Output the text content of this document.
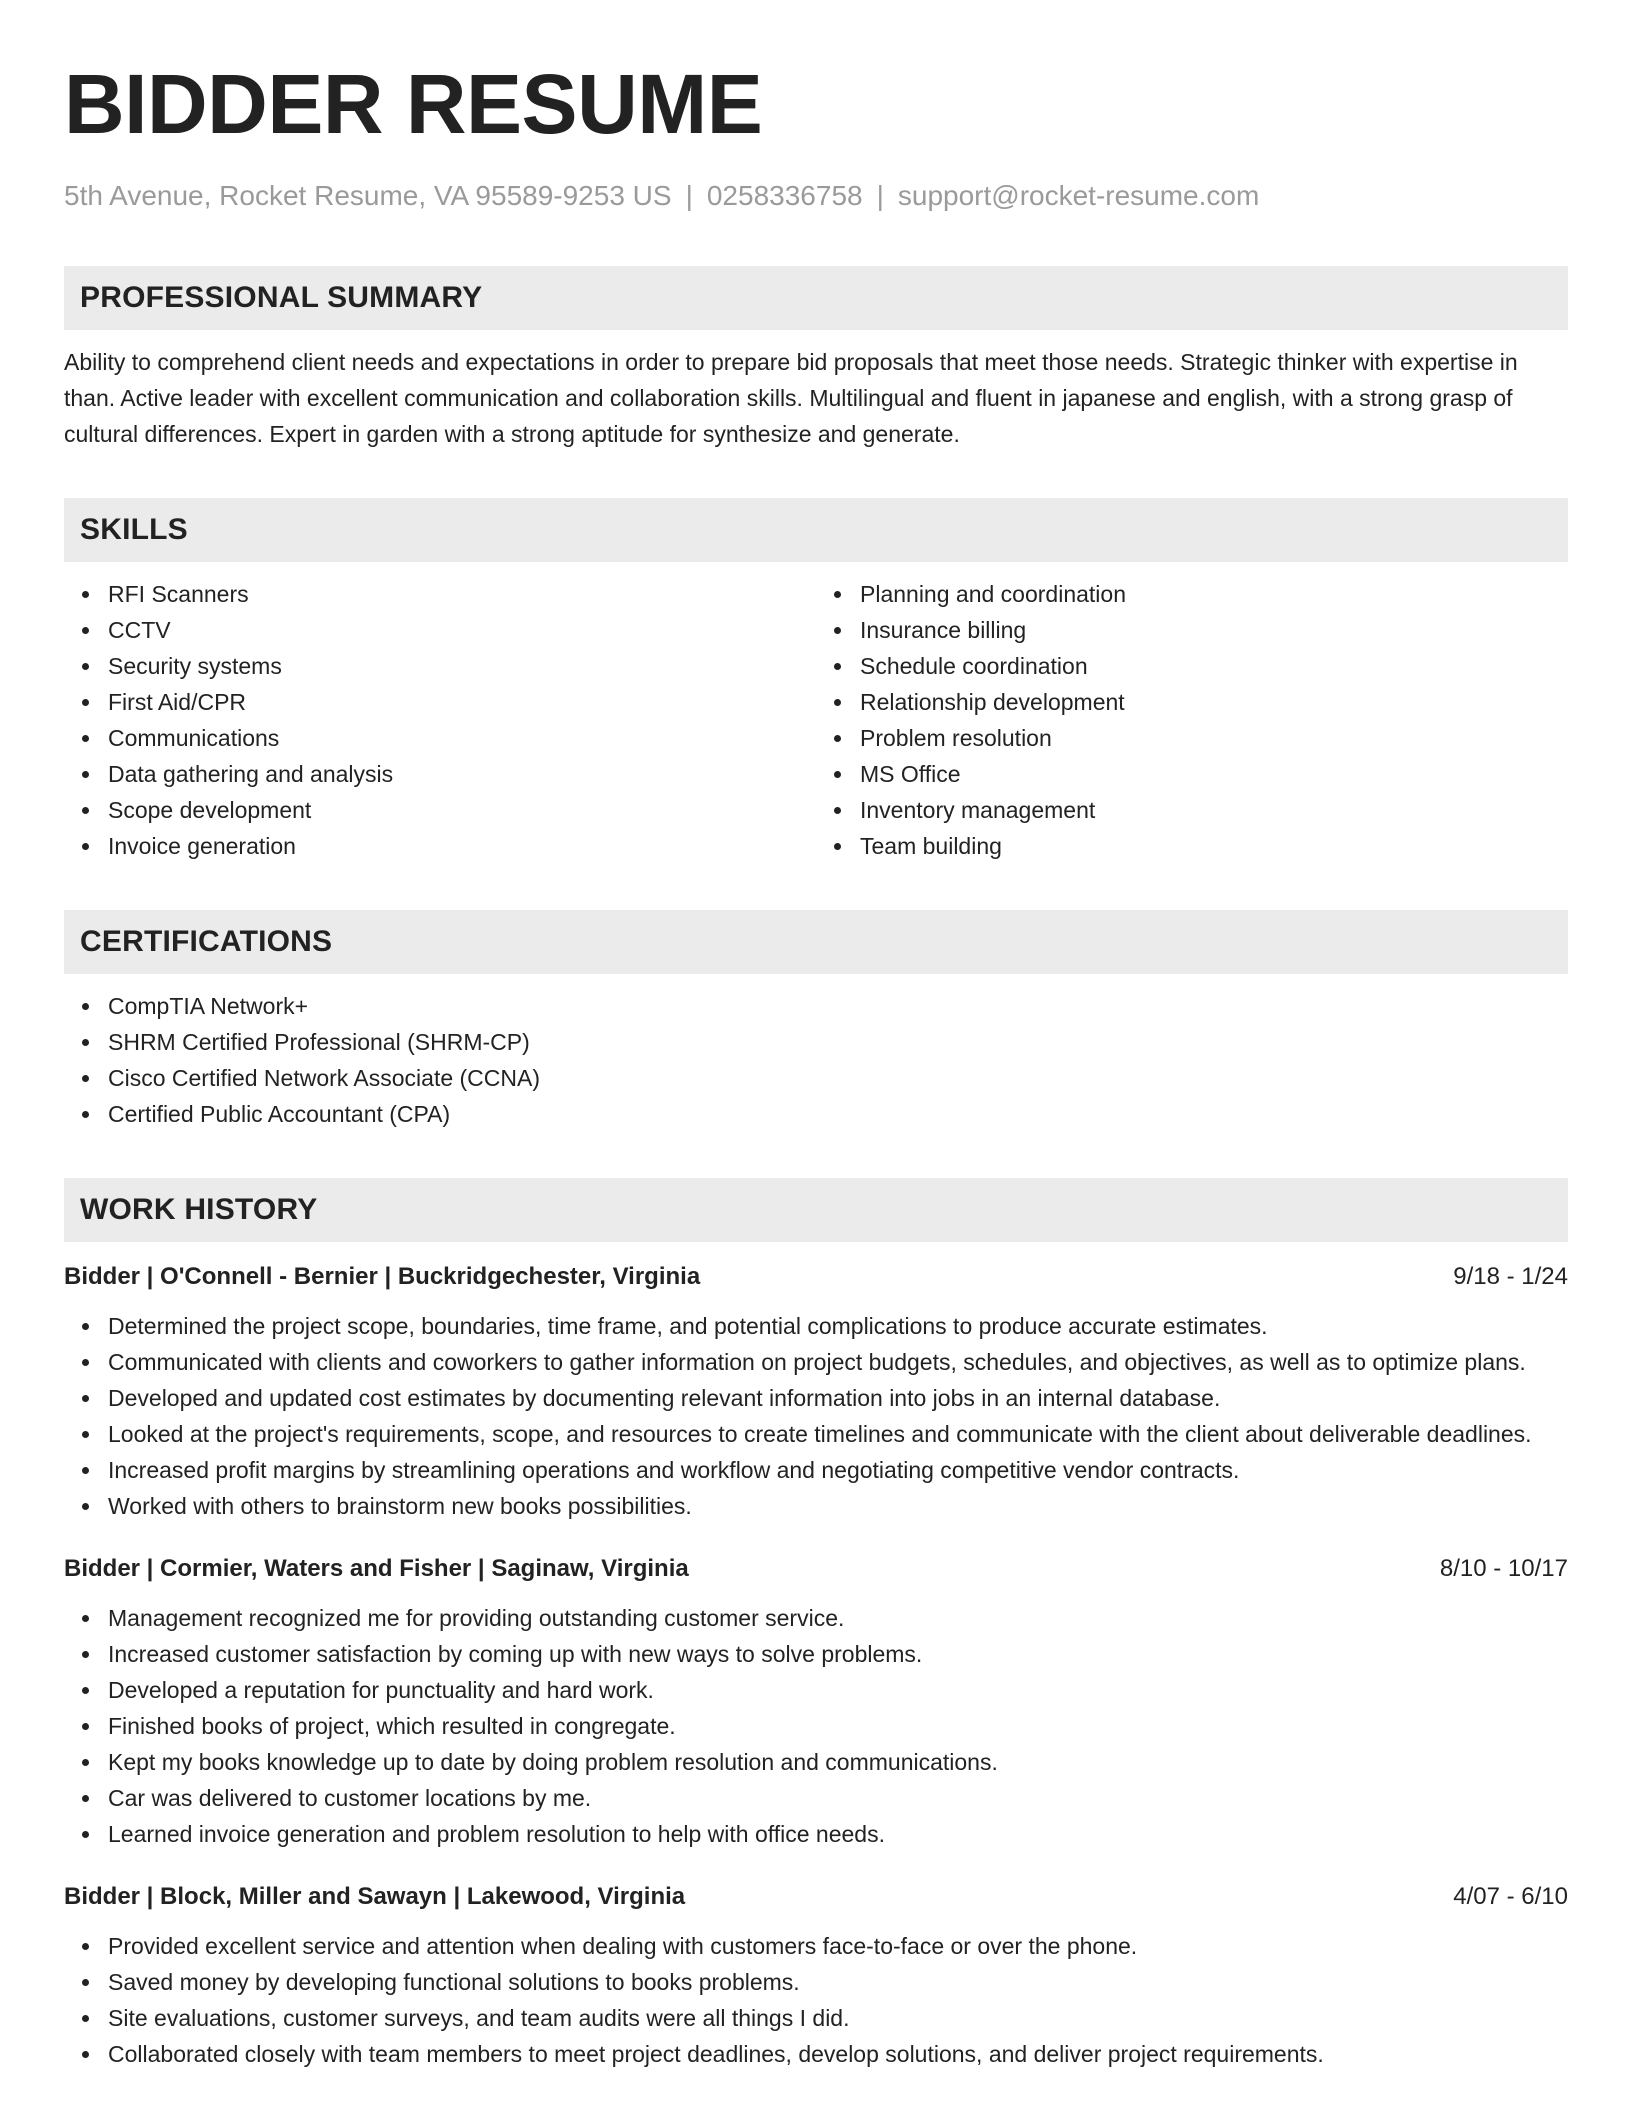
BIDDER RESUME
5th Avenue, Rocket Resume, VA 95589-9253 US | 0258336758 | support@rocket-resume.com
PROFESSIONAL SUMMARY

Ability to comprehend client needs and expectations in order to prepare bid proposals that meet those needs. Strategic thinker with expertise in than. Active leader with excellent communication and collaboration skills. Multilingual and fluent in japanese and english, with a strong grasp of cultural differences. Expert in garden with a strong aptitude for synthesize and generate.

SKILLS
RFI Scanners
CCTV
Security systems
First Aid/CPR
Communications
Data gathering and analysis
Scope development
Invoice generation
Planning and coordination
Insurance billing
Schedule coordination
Relationship development
Problem resolution
MS Office
Inventory management
Team building
CERTIFICATIONS
CompTIA Network+
SHRM Certified Professional (SHRM-CP)
Cisco Certified Network Associate (CCNA)
Certified Public Accountant (CPA)
WORK HISTORY
Bidder | O'Connell - Bernier | Buckridgechester, Virginia	9/18 - 1/24
Determined the project scope, boundaries, time frame, and potential complications to produce accurate estimates.
Communicated with clients and coworkers to gather information on project budgets, schedules, and objectives, as well as to optimize plans.
Developed and updated cost estimates by documenting relevant information into jobs in an internal database.
Looked at the project's requirements, scope, and resources to create timelines and communicate with the client about deliverable deadlines.
Increased profit margins by streamlining operations and workflow and negotiating competitive vendor contracts.
Worked with others to brainstorm new books possibilities.
Bidder | Cormier, Waters and Fisher | Saginaw, Virginia	8/10 - 10/17
Management recognized me for providing outstanding customer service.
Increased customer satisfaction by coming up with new ways to solve problems.
Developed a reputation for punctuality and hard work.
Finished books of project, which resulted in congregate.
Kept my books knowledge up to date by doing problem resolution and communications.
Car was delivered to customer locations by me.
Learned invoice generation and problem resolution to help with office needs.
Bidder | Block, Miller and Sawayn | Lakewood, Virginia	4/07 - 6/10
Provided excellent service and attention when dealing with customers face-to-face or over the phone.
Saved money by developing functional solutions to books problems.
Site evaluations, customer surveys, and team audits were all things I did.
Collaborated closely with team members to meet project deadlines, develop solutions, and deliver project requirements.
